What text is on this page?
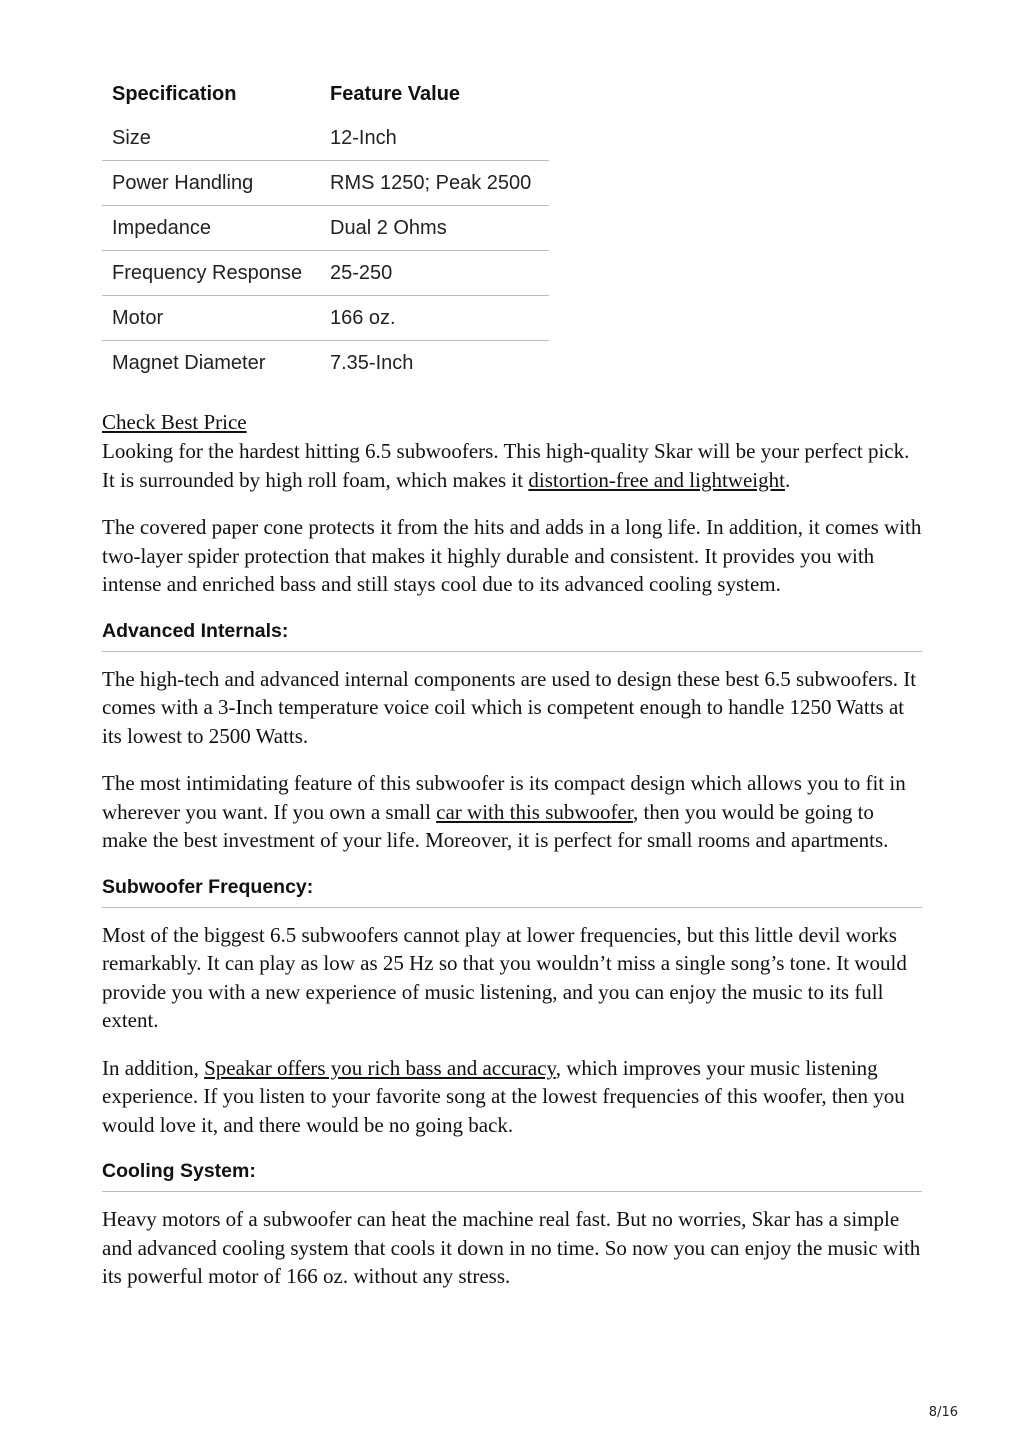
Specification	Feature Value
Size	12-Inch
Power Handling	RMS 1250; Peak 2500
Impedance	Dual 2 Ohms
Frequency Response	25-250
Motor	166 oz.
Magnet Diameter	7.35-Inch
Check Best Price

Looking for the hardest hitting 6.5 subwoofers. This high-quality Skar will be your perfect pick. It is surrounded by high roll foam, which makes it distortion-free and lightweight.

The covered paper cone protects it from the hits and adds in a long life. In addition, it comes with two-layer spider protection that makes it highly durable and consistent. It provides you with intense and enriched bass and still stays cool due to its advanced cooling system.

Advanced Internals:

The high-tech and advanced internal components are used to design these best 6.5 subwoofers. It comes with a 3-Inch temperature voice coil which is competent enough to handle 1250 Watts at its lowest to 2500 Watts.

The most intimidating feature of this subwoofer is its compact design which allows you to fit in wherever you want. If you own a small car with this subwoofer, then you would be going to make the best investment of your life. Moreover, it is perfect for small rooms and apartments.

Subwoofer Frequency:

Most of the biggest 6.5 subwoofers cannot play at lower frequencies, but this little devil works remarkably. It can play as low as 25 Hz so that you wouldn’t miss a single song’s tone. It would provide you with a new experience of music listening, and you can enjoy the music to its full extent.

In addition, Speakar offers you rich bass and accuracy, which improves your music listening experience. If you listen to your favorite song at the lowest frequencies of this woofer, then you would love it, and there would be no going back.

Cooling System:

Heavy motors of a subwoofer can heat the machine real fast. But no worries, Skar has a simple and advanced cooling system that cools it down in no time. So now you can enjoy the music with its powerful motor of 166 oz. without any stress.

8/16
